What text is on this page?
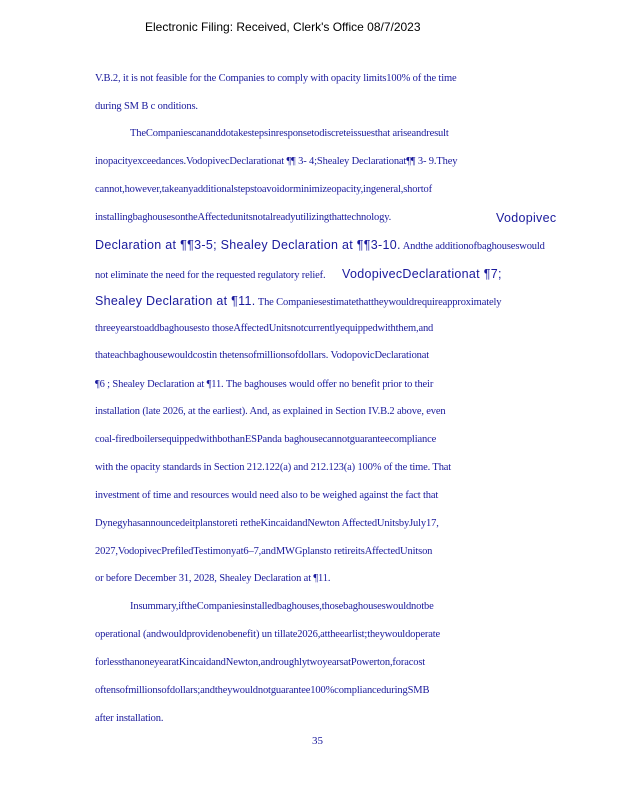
Electronic Filing: Received, Clerk's Office 08/7/2023
V.B.2, it is not feasible for the Companies to comply with opacity limits100% of the time
during SM B c onditions.
TheCompaniescananddotakestepsinresponsetodiscreteissuesthat ariseandresult
inopacityexceedances.VodopivecDeclarationat ¶¶ 3- 4;Shealey Declarationat¶¶ 3- 9.They
cannot,however,takeanyadditionalstepstoavoidorminimizeopacity,ingeneral,shortof
installingbaghousesontheAffectedunitsnotalreadyutilizingthattechnology.	Vodopivec
Declaration at ¶¶3-5; Shealey Declaration at ¶¶3-10. Andthe additionofbaghouseswould
not eliminate the need for the requested regulatory relief. VodopivecDeclarationat ¶7;
Shealey Declaration at ¶11. The Companiesestimatethattheywouldrequireapproximately
threeyearstoaddbaghousesto thoseAffectedUnitsnotcurrentlyequippedwiththem,and
thateachbaghousewouldcostin thetensofmillionsofdollars. VodopovicDeclarationat
¶6 ; Shealey Declaration at ¶11. The baghouses would offer no benefit prior to their
installation (late 2026, at the earliest). And, as explained in Section IV.B.2 above, even
coal-firedboilersequippedwithbothanESPanda baghousecannotguaranteecompliance
with the opacity standards in Section 212.122(a) and 212.123(a) 100% of the time. That
investment of time and resources would need also to be weighed against the fact that
Dynegyhasannouncedeitplanstoreti retheKincaidandNewton AffectedUnitsbyJuly17,
2027,VodopivecPrefiledTestimonyat6–7,andMWGplansto retireitsAffectedUnitson
or before December 31, 2028, Shealey Declaration at ¶11.
Insummary,iftheCompaniesinstalledbaghouses,thosebaghouseswouldnotbe
operational (andwouldprovidenobenefit) un tillate2026,attheearlist;theywouldoperate
forlessthanoneyearatKincaidandNewton,androughlytwoyearsatPowerton,foracost
oftensofmillionsofdollars;andtheywouldnotguarantee100%complianceduringSMB
after installation.
35
